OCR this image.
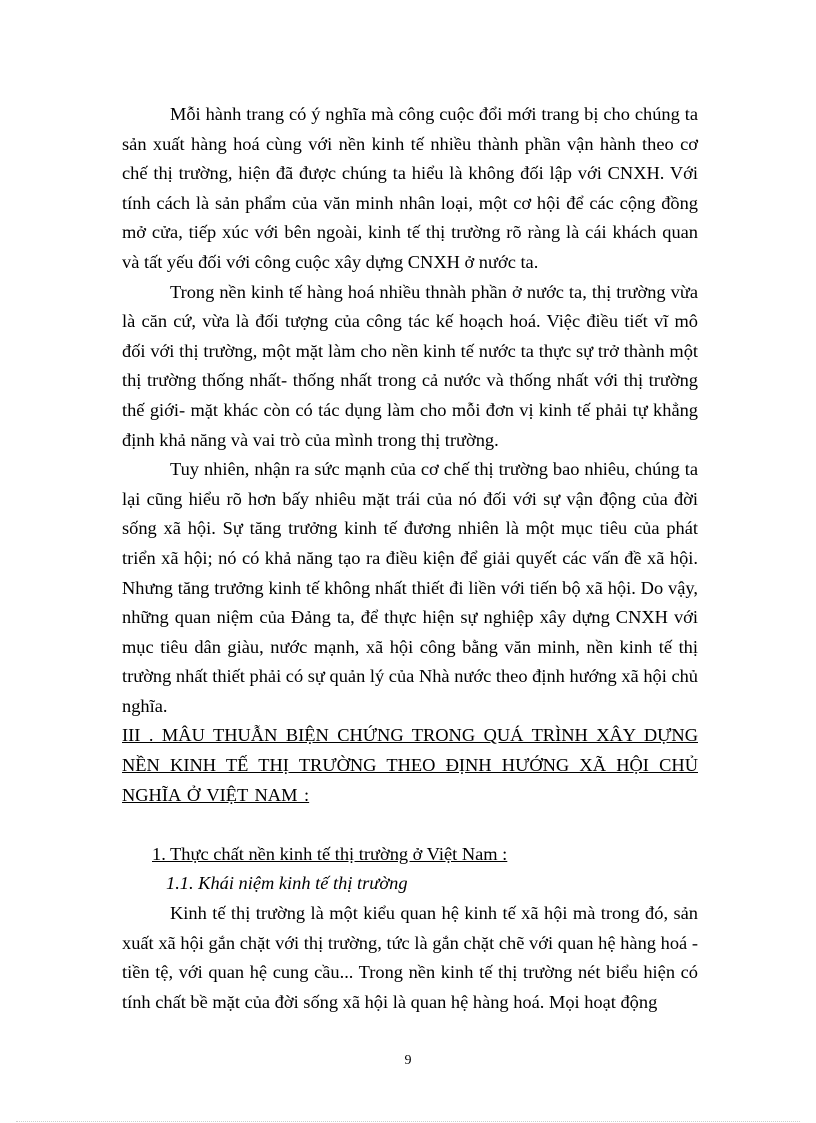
Mỗi hành trang có ý nghĩa mà công cuộc đổi mới trang bị cho chúng ta sản xuất hàng hoá cùng với nền kinh tế nhiều thành phần vận hành theo cơ chế thị trường, hiện đã được chúng ta hiểu là không đối lập với CNXH. Với tính cách là sản phẩm của văn minh nhân loại, một cơ hội để các cộng đồng mở cửa, tiếp xúc với bên ngoài, kinh tế thị trường rõ ràng là cái khách quan và tất yếu đối với công cuộc xây dựng CNXH ở nước ta.

Trong nền kinh tế hàng hoá nhiều thnàh phần ở nước ta, thị trường vừa là căn cứ, vừa là đối tượng của công tác kế hoạch hoá. Việc điều tiết vĩ mô đối với thị trường, một mặt làm cho nền kinh tế nước ta thực sự trở thành một thị trường thống nhất- thống nhất trong cả nước và thống nhất với thị trường thế giới- mặt khác còn có tác dụng làm cho mỗi đơn vị kinh tế phải tự khẳng định khả năng và vai trò của mình trong thị trường.

Tuy nhiên, nhận ra sức mạnh của cơ chế thị trường bao nhiêu, chúng ta lại cũng hiểu rõ hơn bấy nhiêu mặt trái của nó đối với sự vận động của đời sống xã hội. Sự tăng trưởng kinh tế đương nhiên là một mục tiêu của phát triển xã hội; nó có khả năng tạo ra điều kiện để giải quyết các vấn đề xã hội. Nhưng tăng trưởng kinh tế không nhất thiết đi liền với tiến bộ xã hội. Do vậy, những quan niệm của Đảng ta, để thực hiện sự nghiệp xây dựng CNXH với mục tiêu dân giàu, nước mạnh, xã hội công bằng văn minh, nền kinh tế thị trường nhất thiết phải có sự quản lý của Nhà nước theo định hướng xã hội chủ nghĩa.

III . MÂU THUẪN BIỆN CHỨNG TRONG QUÁ TRÌNH XÂY DỰNG NỀN KINH TẾ THỊ TRƯỜNG THEO ĐỊNH HƯỚNG XÃ HỘI CHỦ NGHĨA Ở VIỆT NAM :

1. Thực chất nền kinh tế thị trường ở Việt Nam :

1.1. Khái niệm kinh tế thị trường

Kinh tế thị trường là một kiểu quan hệ kinh tế xã hội mà trong đó, sản xuất xã hội gắn chặt với thị trường, tức là gắn chặt chẽ với quan hệ hàng hoá - tiền tệ, với quan hệ cung cầu... Trong nền kinh tế thị trường nét biểu hiện có tính chất bề mặt của đời sống xã hội là quan hệ hàng hoá. Mọi hoạt động

9
